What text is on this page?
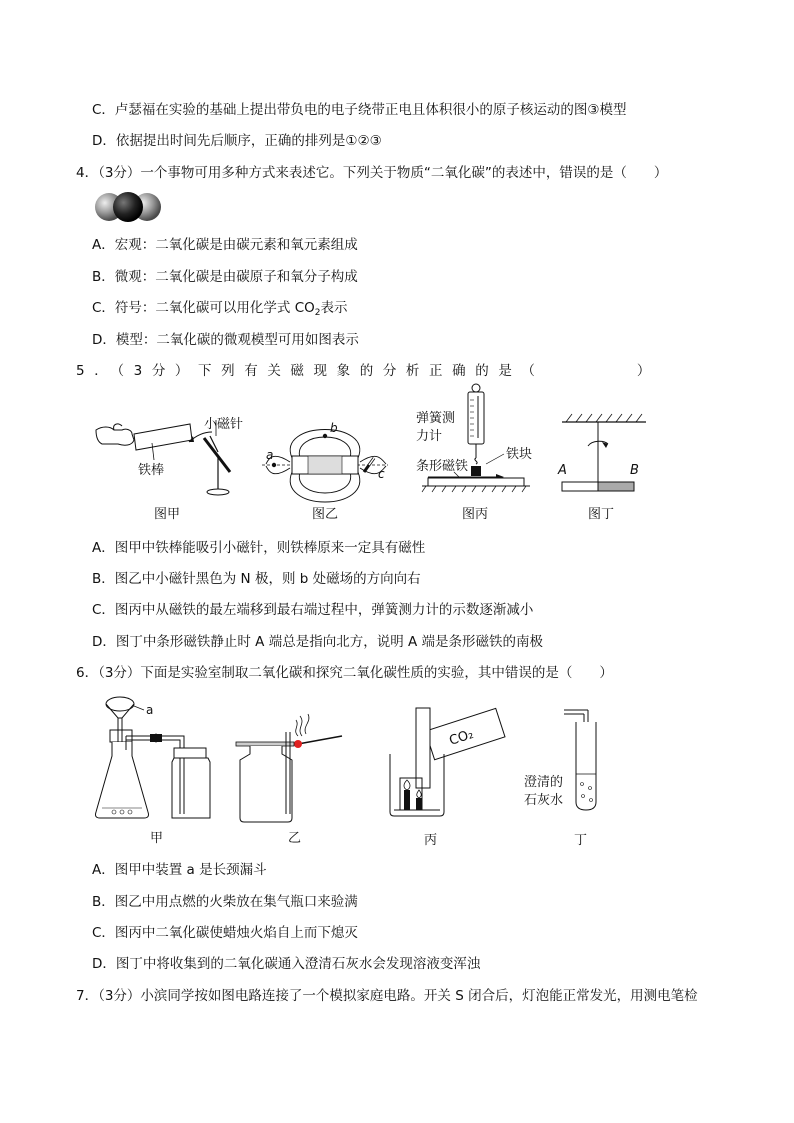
C．卢瑟福在实验的基础上提出带负电的电子绕带正电且体积很小的原子核运动的图③模型
D．依据提出时间先后顺序，正确的排列是①②③
4．（3分）一个事物可用多种方式来表述它。下列关于物质“二氧化碳”的表述中，错误的是（　　）
A．宏观：二氧化碳是由碳元素和氧元素组成
B．微观：二氧化碳是由碳原子和氧分子构成
C．符号：二氧化碳可以用化学式 $CO_2$表示
D．模型：二氧化碳的微观模型可用如图表示
5．（3分）下列有关磁现象的分析正确的是（　　　　）
铁棒
小磁针
图甲
b
a
c
图乙
弹簧测
力计
铁块
条形磁铁
图丙
A	B
图丁
A．图甲中铁棒能吸引小磁针，则铁棒原来一定具有磁性
B．图乙中小磁针黑色为 N 极，则 b 处磁场的方向向右
C．图丙中从磁铁的最左端移到最右端过程中，弹簧测力计的示数逐渐减小
D．图丁中条形磁铁静止时 A 端总是指向北方，说明 A 端是条形磁铁的南极
6．（3分）下面是实验室制取二氧化碳和探究二氧化碳性质的实验，其中错误的是（　　）
a
甲	乙
CO₂
丙
澄清的
石灰水
丁
A．图甲中装置 a 是长颈漏斗
B．图乙中用点燃的火柴放在集气瓶口来验满
C．图丙中二氧化碳使蜡烛火焰自上而下熄灭
D．图丁中将收集到的二氧化碳通入澄清石灰水会发现溶液变浑浊
7．（3分）小滨同学按如图电路连接了一个模拟家庭电路。开关 S 闭合后，灯泡能正常发光，用测电笔检
